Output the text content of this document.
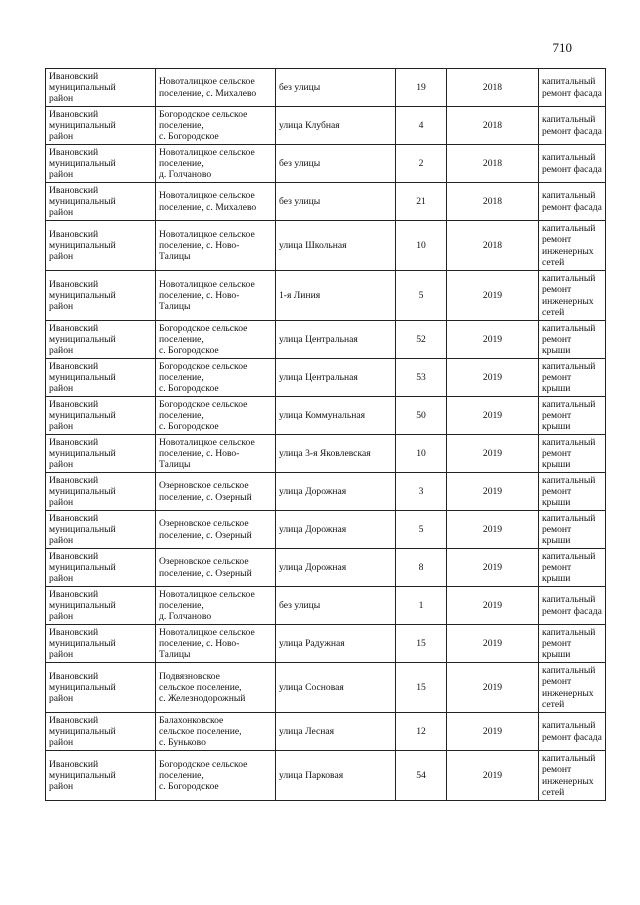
710
Ивановский
муниципальный
район	Новоталицкое сельское
поселение, с. Михалево	без улицы	19	2018	капитальный
ремонт фасада

Ивановский
муниципальный
район	Богородское сельское
поселение,
с. Богородское	улица Клубная	4	2018	капитальный
ремонт фасада

Ивановский
муниципальный
район	Новоталицкое сельское
поселение,
д. Голчаново	без улицы	2	2018	капитальный
ремонт фасада

Ивановский
муниципальный
район	Новоталицкое сельское
поселение, с. Михалево	без улицы	21	2018	капитальный
ремонт фасада

Ивановский
муниципальный
район	Новоталицкое сельское
поселение, с. Ново-
Талицы	улица Школьная	10	2018	капитальный
ремонт
инженерных
сетей

Ивановский
муниципальный
район	Новоталицкое сельское
поселение, с. Ново-
Талицы	1-я Линия	5	2019	капитальный
ремонт
инженерных
сетей

Ивановский
муниципальный
район	Богородское сельское
поселение,
с. Богородское	улица Центральная	52	2019	капитальный
ремонт крыши

Ивановский
муниципальный
район	Богородское сельское
поселение,
с. Богородское	улица Центральная	53	2019	капитальный
ремонт крыши

Ивановский
муниципальный
район	Богородское сельское
поселение,
с. Богородское	улица Коммунальная	50	2019	капитальный
ремонт крыши

Ивановский
муниципальный
район	Новоталицкое сельское
поселение, с. Ново-
Талицы	улица 3-я Яковлевская	10	2019	капитальный
ремонт крыши

Ивановский
муниципальный
район	Озерновское сельское
поселение, с. Озерный	улица Дорожная	3	2019	капитальный
ремонт крыши

Ивановский
муниципальный
район	Озерновское сельское
поселение, с. Озерный	улица Дорожная	5	2019	капитальный
ремонт крыши

Ивановский
муниципальный
район	Озерновское сельское
поселение, с. Озерный	улица Дорожная	8	2019	капитальный
ремонт крыши

Ивановский
муниципальный
район	Новоталицкое сельское
поселение,
д. Голчаново	без улицы	1	2019	капитальный
ремонт фасада

Ивановский
муниципальный
район	Новоталицкое сельское
поселение, с. Ново-
Талицы	улица Радужная	15	2019	капитальный
ремонт крыши

Ивановский
муниципальный
район	Подвязновское
сельское поселение,
с. Железнодорожный	улица Сосновая	15	2019	капитальный
ремонт
инженерных
сетей

Ивановский
муниципальный
район	Балахонковское
сельское поселение,
с. Буньково	улица Лесная	12	2019	капитальный
ремонт фасада

Ивановский
муниципальный
район	Богородское сельское
поселение,
с. Богородское	улица Парковая	54	2019	капитальный
ремонт
инженерных
сетей
